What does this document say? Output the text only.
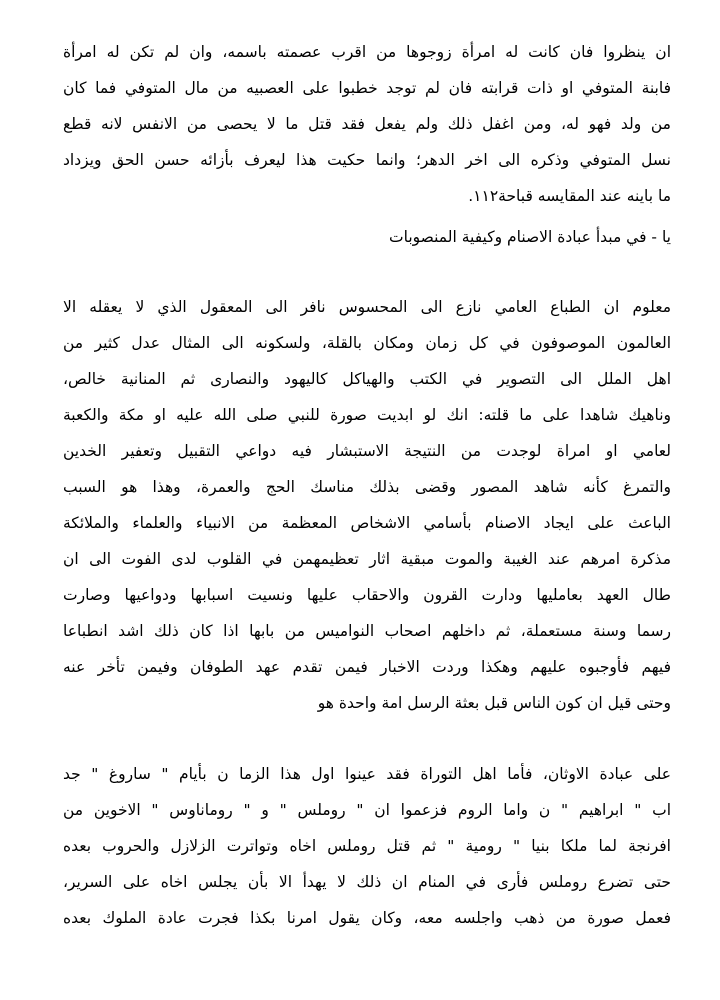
ان ينظروا فان كانت له امرأة زوجوها من اقرب عصمته باسمه، وان لم تكن له امرأة
فابنة المتوفي او ذات قرابته فان لم توجد خطبوا على العصبيه من مال المتوفي فما كان
من ولد فهو له، ومن اغفل ذلك ولم يفعل فقد قتل ما لا يحصى من الانفس لانه قطع
نسل المتوفي وذكره الى اخر الدهر؛ وانما حكيت هذا ليعرف بأزائه حسن الحق ويزداد
ما باينه عند المقايسه قباحة١١٢.
يا - في مبدأ عبادة الاصنام وكيفية المنصوبات
معلوم ان الطباع العامي نازع الى المحسوس نافر الى المعقول الذي لا يعقله الا
العالمون الموصوفون في كل زمان ومكان بالقلة، ولسكونه الى المثال عدل كثير من
اهل الملل الى التصوير في الكتب والهياكل كاليهود والنصارى ثم المنانية خالص،
وناهيك شاهدا على ما قلته: انك لو ابديت صورة للنبي صلى الله عليه او مكة والكعبة
لعامي او امراة لوجدت من النتيجة الاستبشار فيه دواعي التقبيل وتعفير الخدين
والتمرغ كأنه شاهد المصور وقضى بذلك مناسك الحج والعمرة، وهذا هو السبب
الباعث على ايجاد الاصنام بأسامي الاشخاص المعظمة من الانبياء والعلماء والملائكة
مذكرة امرهم عند الغيبة والموت مبقية اثار تعظيمهمن في القلوب لدى الفوت الى ان
طال العهد بعامليها ودارت القرون والاحقاب عليها ونسيت اسبابها ودواعيها وصارت
رسما وسنة مستعملة، ثم داخلهم اصحاب النواميس من بابها اذا كان ذلك اشد انطباعا
فيهم فأوجبوه عليهم وهكذا وردت الاخبار فيمن تقدم عهد الطوفان وفيمن تأخر عنه
وحتى قيل ان كون الناس قبل بعثة الرسل امة واحدة هو
على عبادة الاوثان، فأما اهل التوراة فقد عينوا اول هذا الزما ن بأيام " ساروغ " جد
اب " ابراهيم " ن واما الروم فزعموا ان " روملس " و " روماناوس " الاخوين من
افرنجة لما ملكا بنيا " رومية " ثم قتل روملس اخاه وتواترت الزلازل والحروب بعده
حتى تضرع روملس فأرى في المنام ان ذلك لا يهدأ الا بأن يجلس اخاه على السرير،
فعمل صورة من ذهب واجلسه معه، وكان يقول امرنا بكذا فجرت عادة الملوك بعده
